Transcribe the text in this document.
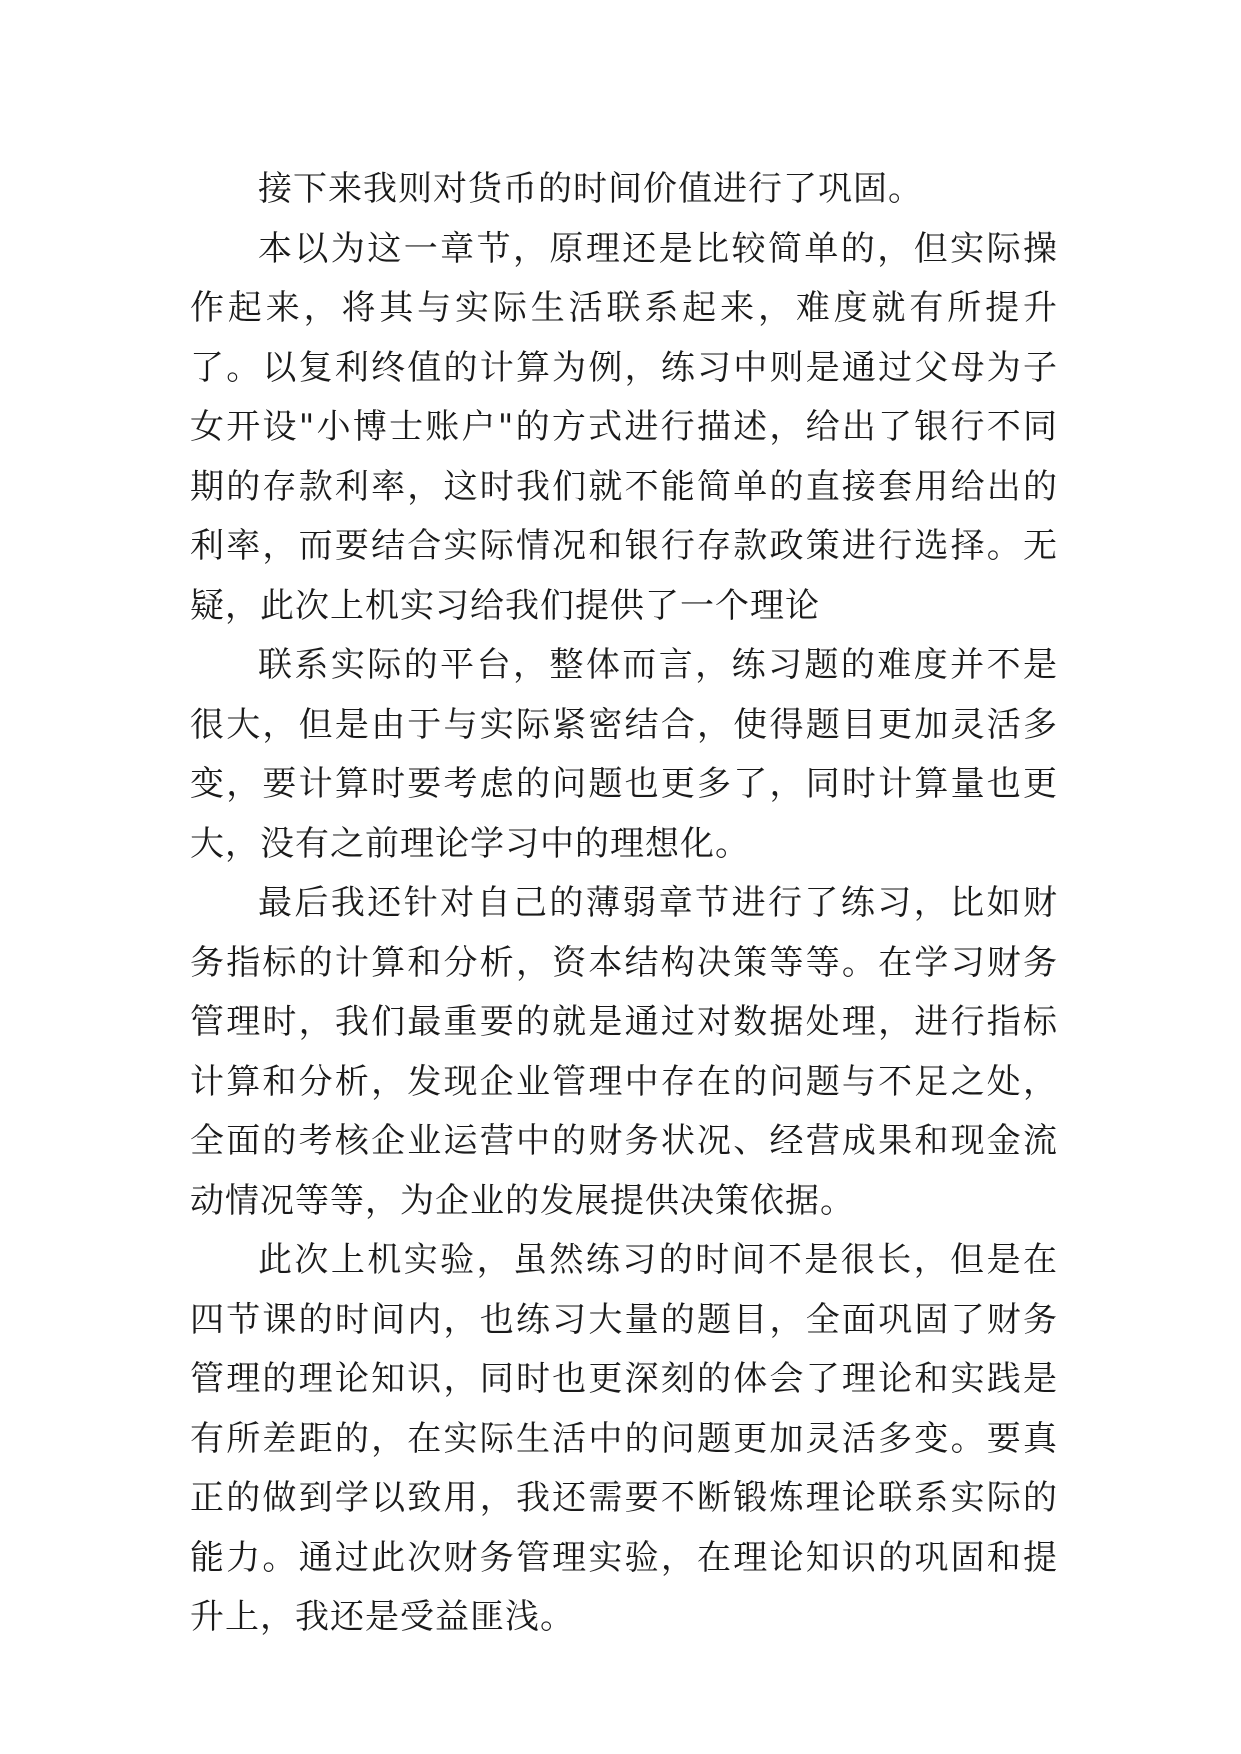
接下来我则对货币的时间价值进行了巩固。

本以为这一章节，原理还是比较简单的，但实际操作起来，将其与实际生活联系起来，难度就有所提升了。以复利终值的计算为例，练习中则是通过父母为子女开设"小博士账户"的方式进行描述，给出了银行不同期的存款利率，这时我们就不能简单的直接套用给出的利率，而要结合实际情况和银行存款政策进行选择。无疑，此次上机实习给我们提供了一个理论

联系实际的平台，整体而言，练习题的难度并不是很大，但是由于与实际紧密结合，使得题目更加灵活多变，要计算时要考虑的问题也更多了，同时计算量也更大，没有之前理论学习中的理想化。

最后我还针对自己的薄弱章节进行了练习，比如财务指标的计算和分析，资本结构决策等等。在学习财务管理时，我们最重要的就是通过对数据处理，进行指标计算和分析，发现企业管理中存在的问题与不足之处，全面的考核企业运营中的财务状况、经营成果和现金流动情况等等，为企业的发展提供决策依据。

此次上机实验，虽然练习的时间不是很长，但是在四节课的时间内，也练习大量的题目，全面巩固了财务管理的理论知识，同时也更深刻的体会了理论和实践是有所差距的，在实际生活中的问题更加灵活多变。要真正的做到学以致用，我还需要不断锻炼理论联系实际的能力。通过此次财务管理实验，在理论知识的巩固和提升上，我还是受益匪浅。
